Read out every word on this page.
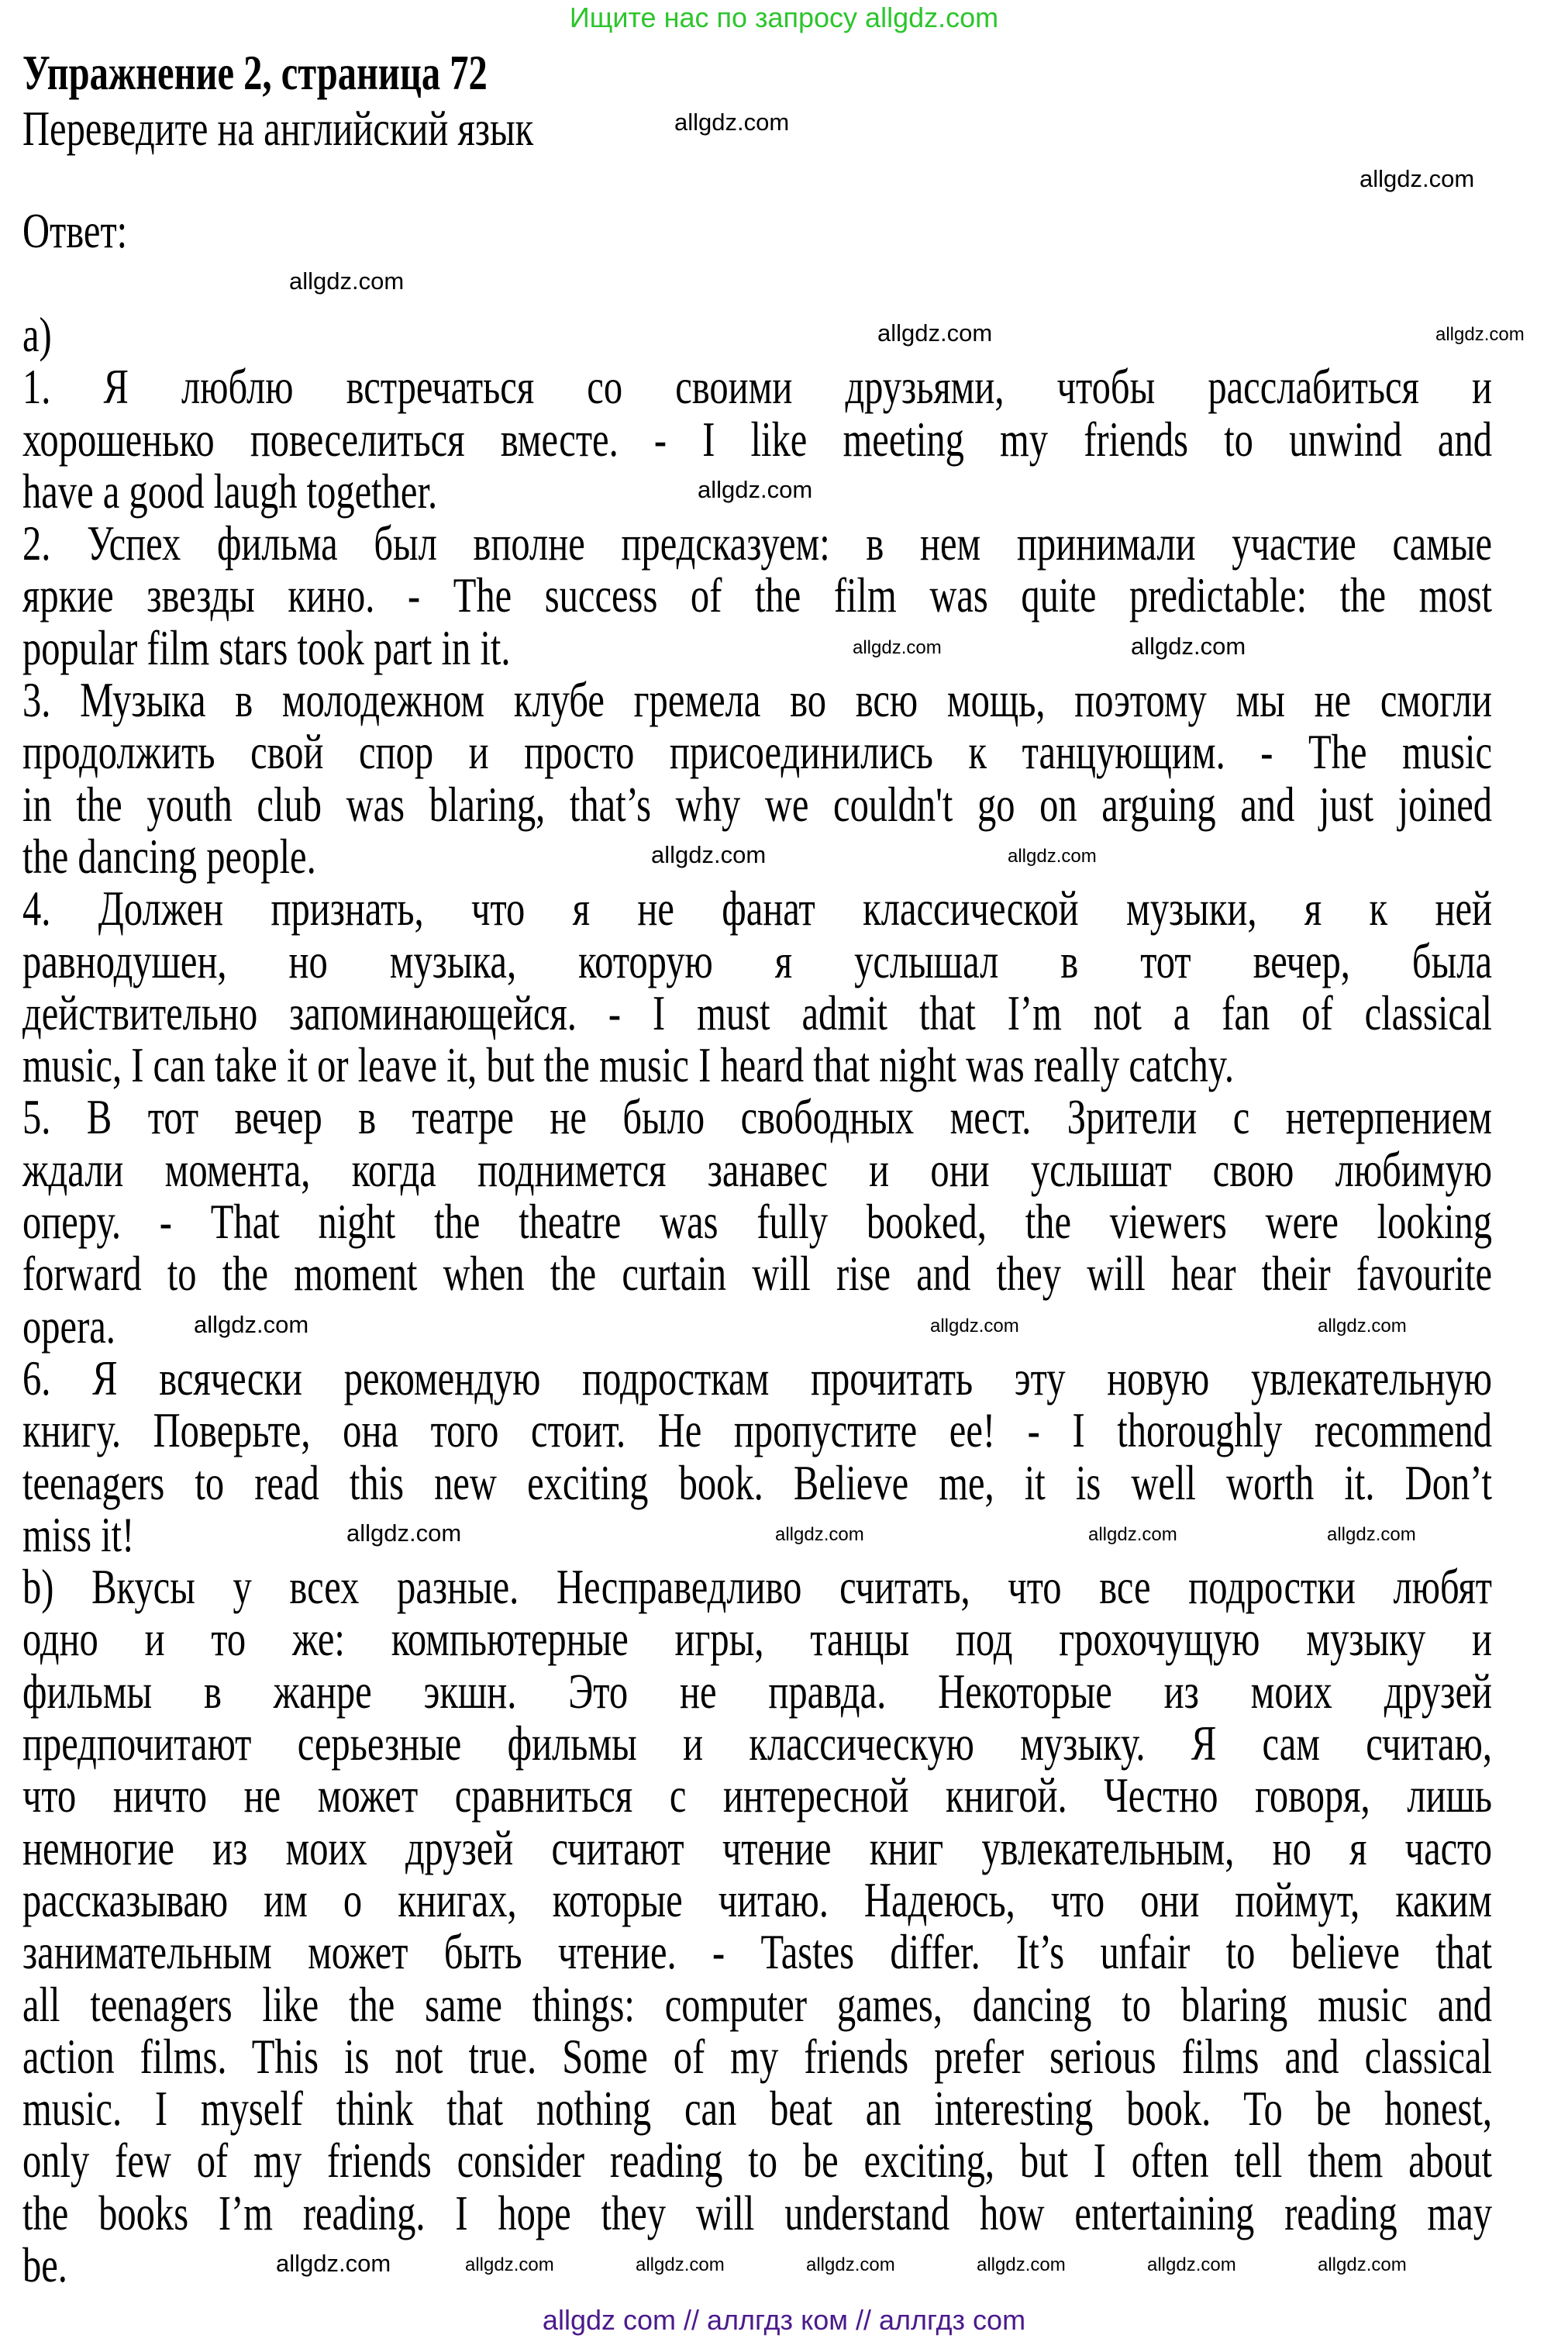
Ищите нас по запросу allgdz.com
Упражнение 2, страница 72
Переведите на английский язык
Ответ:
a)
1. Я люблю встречаться со своими друзьями, чтобы расслабиться и
хорошенько повеселиться вместе. - I like meeting my friends to unwind and
have a good laugh together.
2. Успех фильма был вполне предсказуем: в нем принимали участие самые
яркие звезды кино. - The success of the film was quite predictable: the most
popular film stars took part in it.
3. Музыка в молодежном клубе гремела во всю мощь, поэтому мы не смогли
продолжить свой спор и просто присоединились к танцующим. - The music
in the youth club was blaring, that’s why we couldn't go on arguing and just joined
the dancing people.
4. Должен признать, что я не фанат классической музыки, я к ней
равнодушен, но музыка, которую я услышал в тот вечер, была
действительно запоминающейся. - I must admit that I’m not a fan of classical
music, I can take it or leave it, but the music I heard that night was really catchy.
5. В тот вечер в театре не было свободных мест. Зрители с нетерпением
ждали момента, когда поднимется занавес и они услышат свою любимую
оперу. - That night the theatre was fully booked, the viewers were looking
forward to the moment when the curtain will rise and they will hear their favourite
opera.
6. Я всячески рекомендую подросткам прочитать эту новую увлекательную
книгу. Поверьте, она того стоит. Не пропустите ее! - I thoroughly recommend
teenagers to read this new exciting book. Believe me, it is well worth it. Don’t
miss it!
b) Вкусы у всех разные. Несправедливо считать, что все подростки любят
одно и то же: компьютерные игры, танцы под грохочущую музыку и
фильмы в жанре экшн. Это не правда. Некоторые из моих друзей
предпочитают серьезные фильмы и классическую музыку. Я сам считаю,
что ничто не может сравниться с интересной книгой. Честно говоря, лишь
немногие из моих друзей считают чтение книг увлекательным, но я часто
рассказываю им о книгах, которые читаю. Надеюсь, что они поймут, каким
занимательным может быть чтение. - Tastes differ. It’s unfair to believe that
all teenagers like the same things: computer games, dancing to blaring music and
action films. This is not true. Some of my friends prefer serious films and classical
music. I myself think that nothing can beat an interesting book. To be honest,
only few of my friends consider reading to be exciting, but I often tell them about
the books I’m reading. I hope they will understand how entertaining reading may
be.
allgdz.com
allgdz.com
allgdz.com
allgdz.com	allgdz.com
allgdz.com
allgdz.com
allgdz.com
allgdz.com	allgdz.com
allgdz.com	allgdz.com	allgdz.com
allgdz.com	allgdz.com	allgdz.com	allgdz.com
allgdz.com	allgdz.com	allgdz.com	allgdz.com	allgdz.com	allgdz.com	allgdz.com
allgdz com // аллгдз ком // аллгдз com
